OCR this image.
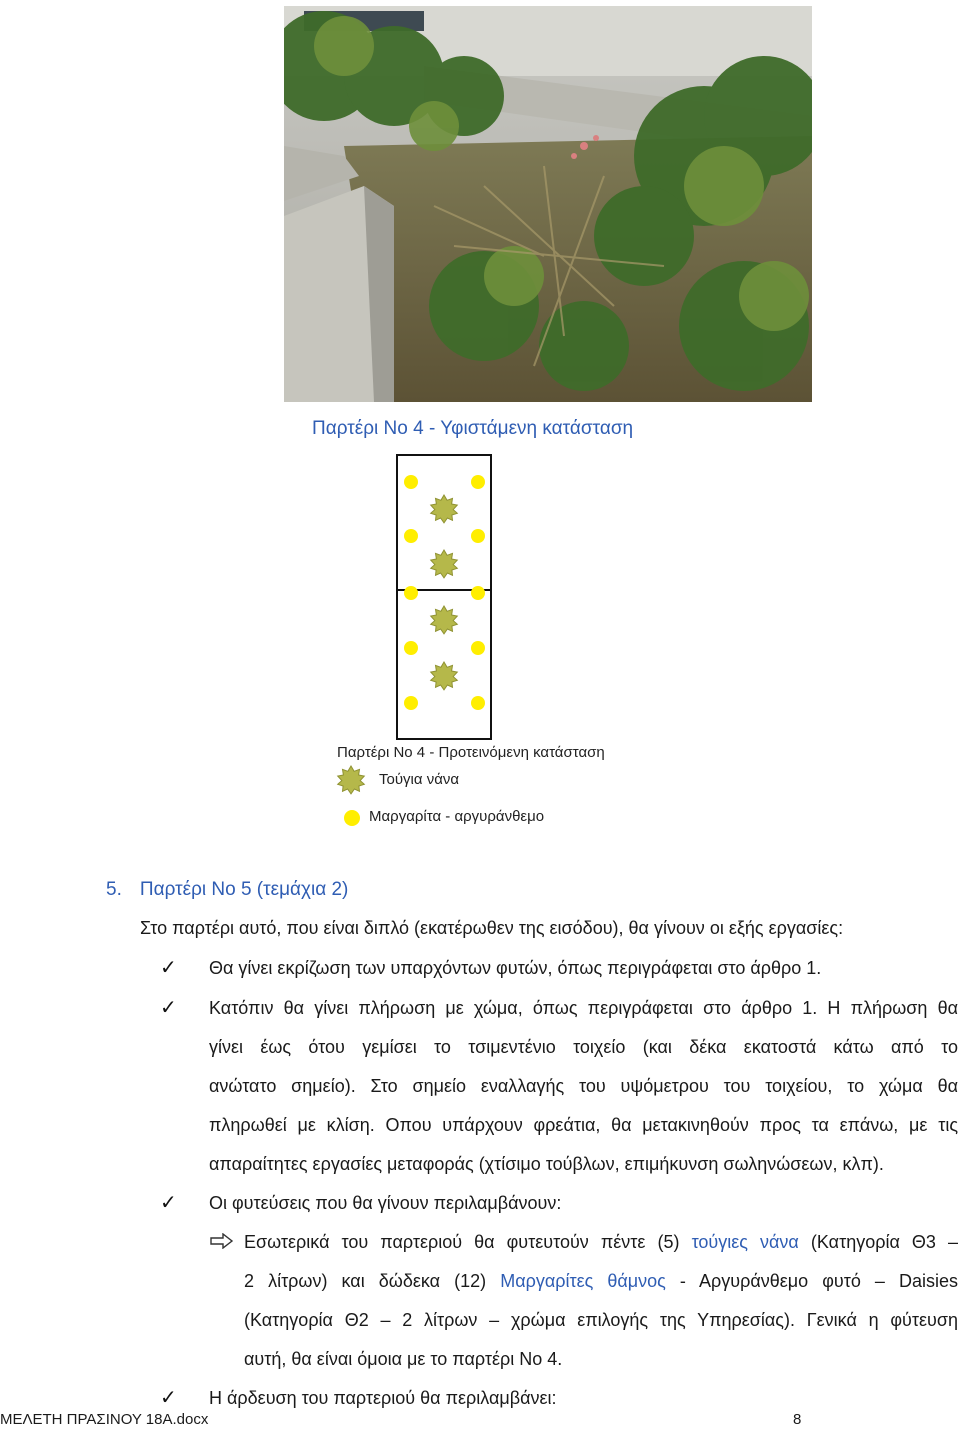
Παρτέρι Νο 4 - Υφιστάμενη κατάσταση
Παρτέρι Νο 4 - Προτεινόμενη κατάσταση
Τούγια νάνα
Μαργαρίτα - αργυράνθεμο
5. Παρτέρι Νο 5 (τεμάχια 2)
Στο παρτέρι αυτό, που είναι διπλό (εκατέρωθεν της εισόδου), θα γίνουν οι εξής εργασίες:
✓ Θα γίνει εκρίζωση των υπαρχόντων φυτών, όπως περιγράφεται στο άρθρο 1.
✓ Κατόπιν θα γίνει πλήρωση με χώμα, όπως περιγράφεται στο άρθρο 1. Η πλήρωση θα
γίνει έως ότου γεμίσει το τσιμεντένιο τοιχείο (και δέκα εκατοστά κάτω από το
ανώτατο σημείο). Στο σημείο εναλλαγής του υψόμετρου του τοιχείου, το χώμα θα
πληρωθεί με κλίση. Οπου υπάρχουν φρεάτια, θα μετακινηθούν προς τα επάνω, με τις
απαραίτητες εργασίες μεταφοράς (χτίσιμο τούβλων, επιμήκυνση σωληνώσεων, κλπ).
✓ Οι φυτεύσεις που θα γίνουν περιλαμβάνουν:
Εσωτερικά του παρτεριού θα φυτευτούν πέντε (5) τούγιες νάνα (Κατηγορία Θ3 –
2 λίτρων) και δώδεκα (12) Μαργαρίτες θάμνος - Αργυράνθεμο φυτό – Daisies
(Κατηγορία Θ2 – 2 λίτρων – χρώμα επιλογής της Υπηρεσίας). Γενικά η φύτευση
αυτή, θα είναι όμοια με το παρτέρι Νο 4.
✓ Η άρδευση του παρτεριού θα περιλαμβάνει:
ΜΕΛΕΤΗ ΠΡΑΣΙΝΟΥ 18Α.docx	8
